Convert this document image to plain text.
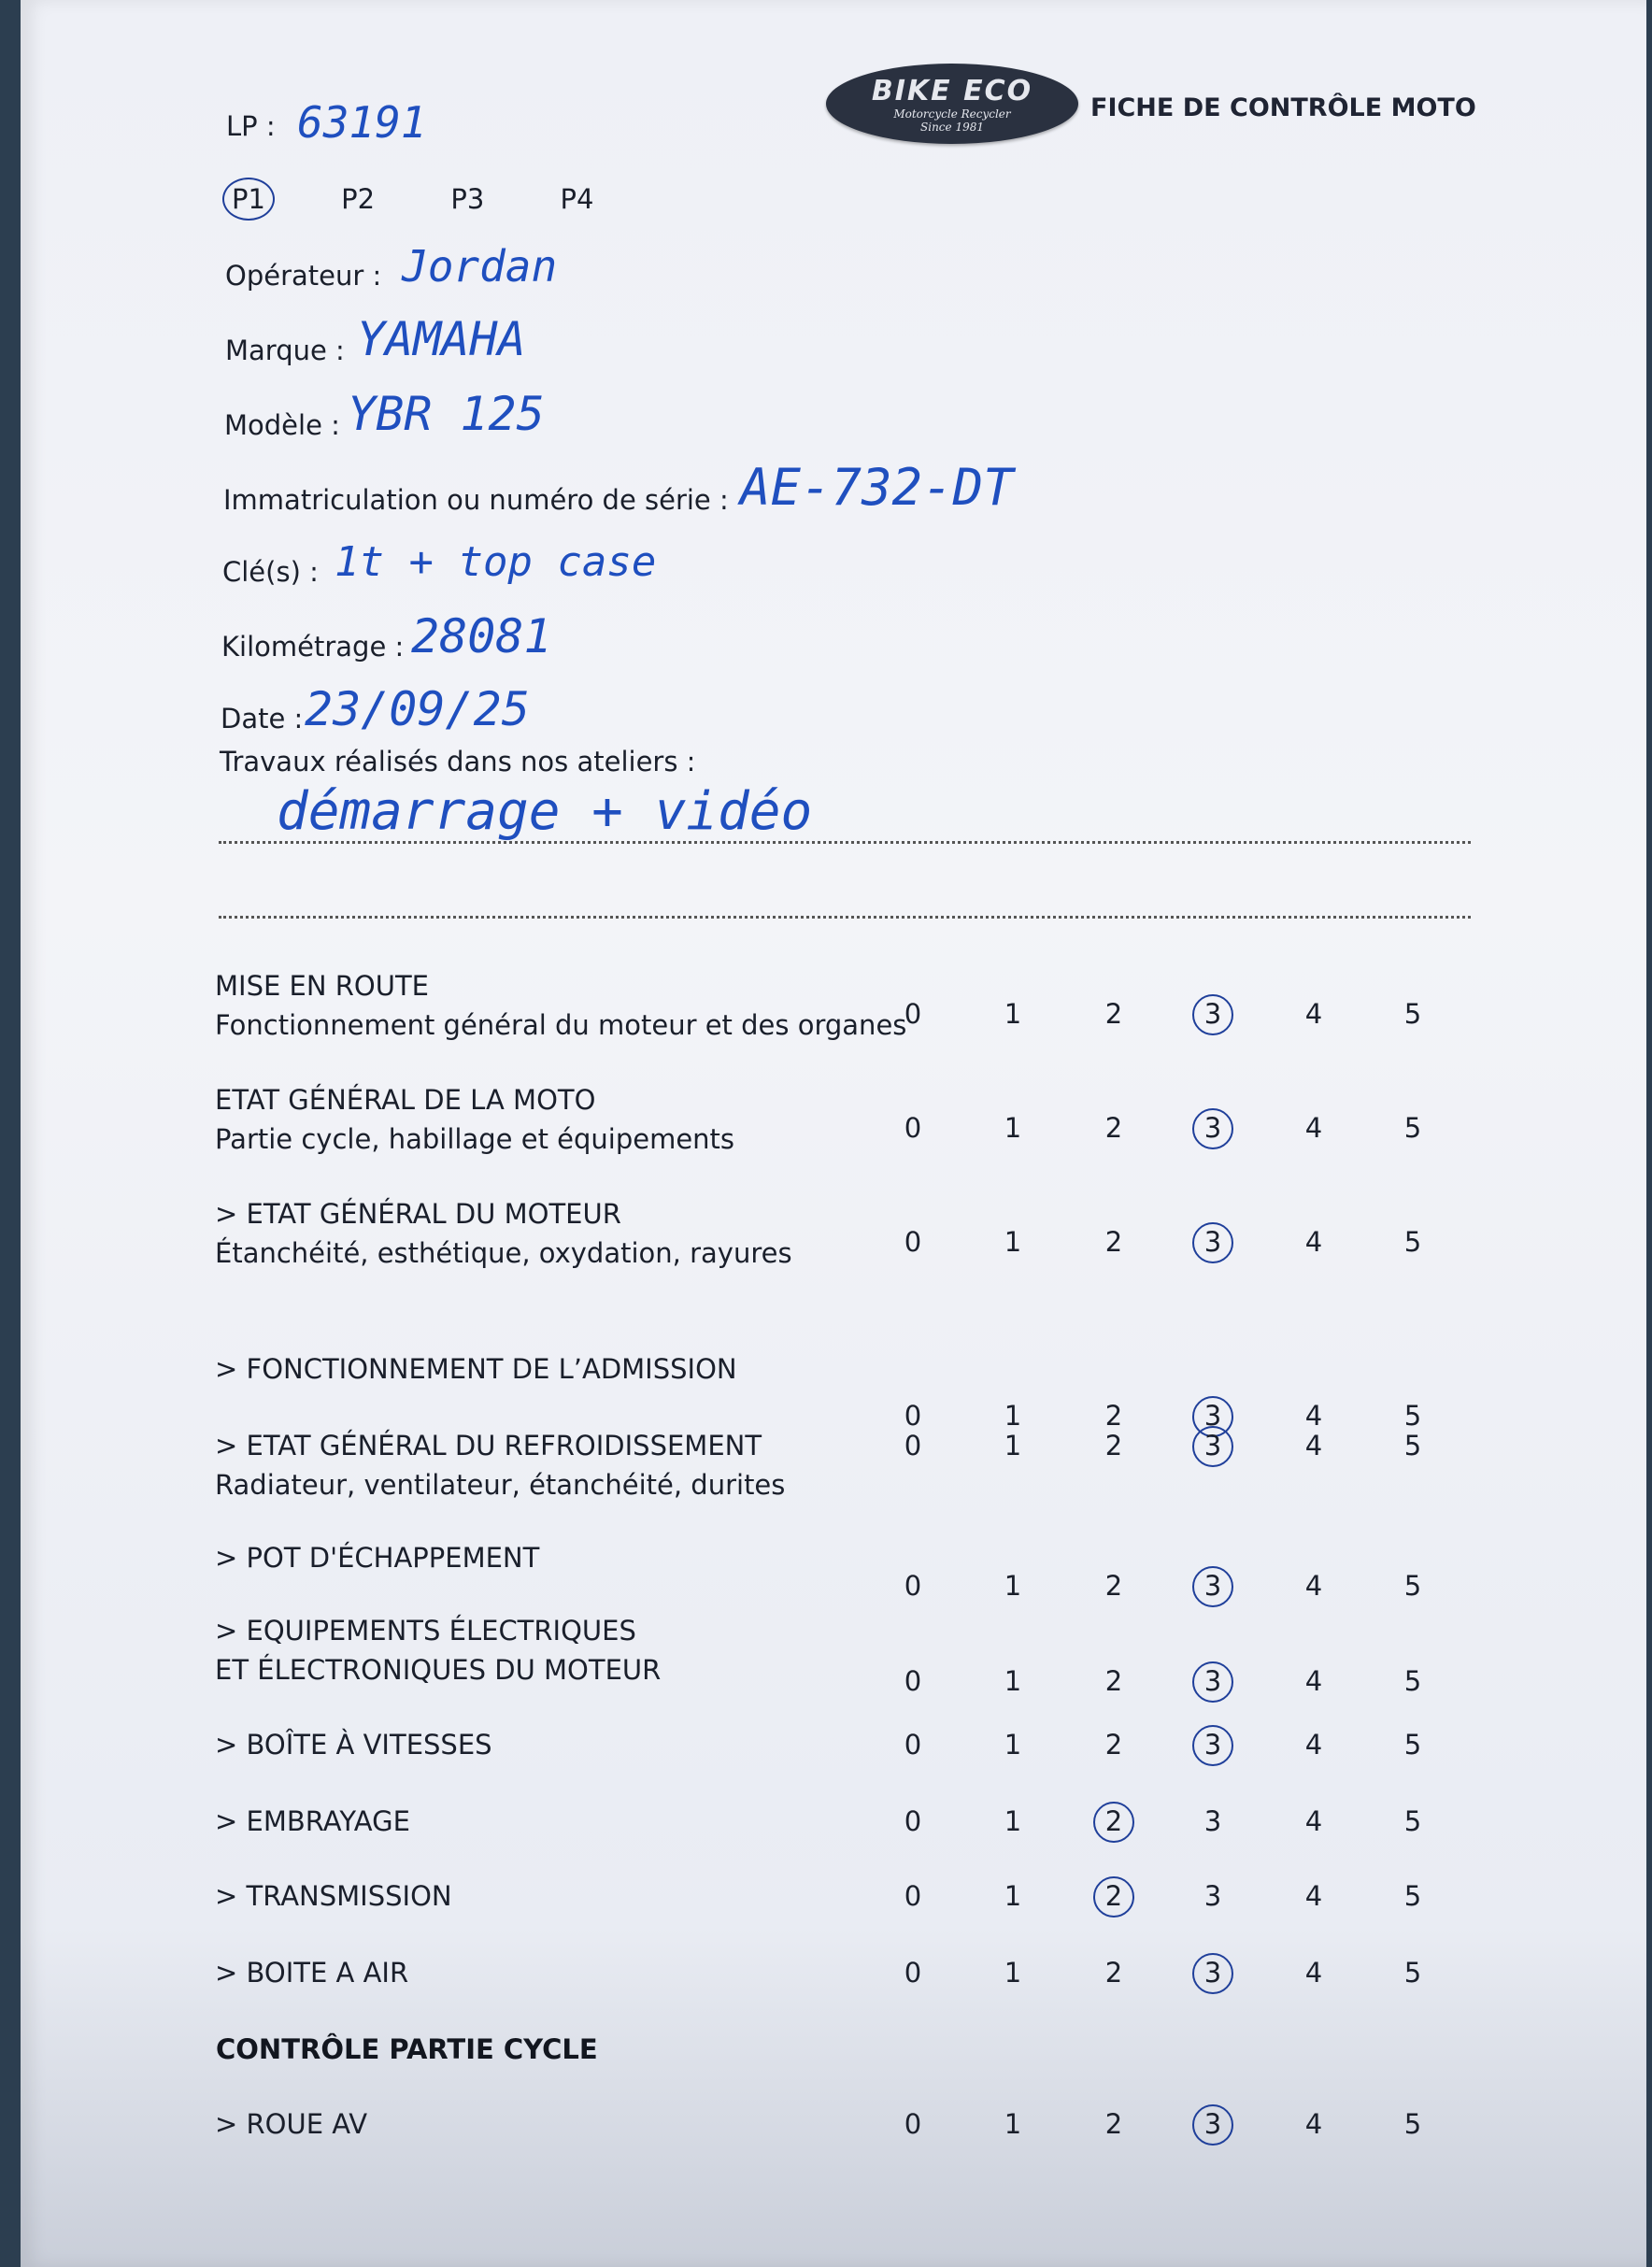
BIKE ECO
Motorcycle Recycler
Since 1981
FICHE DE CONTRÔLE MOTO
LP : 63191
P1	P2	P3	P4
Opérateur : Jordan
Marque : YAMAHA
Modèle : YBR 125
Immatriculation ou numéro de série : AE-732-DT
Clé(s) : 1t + top case
Kilométrage : 28081
Date : 23/09/25
Travaux réalisés dans nos ateliers :
démarrage + vidéo
MISE EN ROUTE
Fonctionnement général du moteur et des organes
0	1	2	3	4	5
ETAT GÉNÉRAL DE LA MOTO
Partie cycle, habillage et équipements	0	1	2	3	4	5
> ETAT GÉNÉRAL DU MOTEUR
Étanchéité, esthétique, oxydation, rayures	0	1	2	3	4	5
> FONCTIONNEMENT DE L’ADMISSION
0	1	2	3	4	5
> ETAT GÉNÉRAL DU REFROIDISSEMENT
Radiateur, ventilateur, étanchéité, durites
0	1	2	3	4	5
> POT D'ÉCHAPPEMENT
0	1	2	3	4	5
> EQUIPEMENTS ÉLECTRIQUES
ET ÉLECTRONIQUES DU MOTEUR	0	1	2	3	4	5
> BOÎTE À VITESSES	0	1	2	3	4	5
> EMBRAYAGE	0	1	2	3	4	5
> TRANSMISSION	0	1	2	3	4	5
> BOITE A AIR	0	1	2	3	4	5
> ROUE AV	0	1	2	3	4	5
CONTRÔLE PARTIE CYCLE
